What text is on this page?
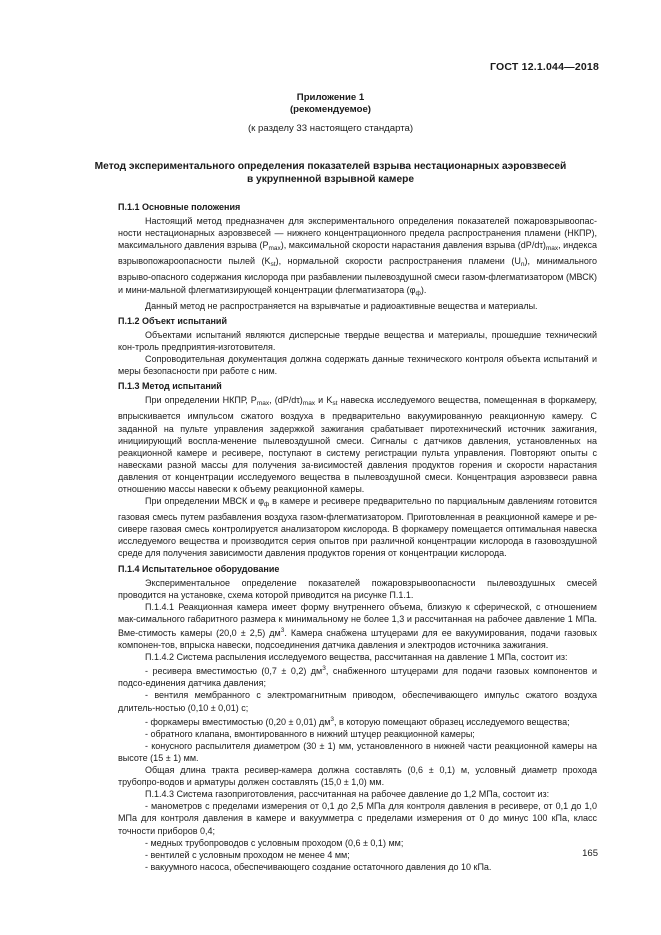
ГОСТ 12.1.044—2018
Приложение 1
(рекомендуемое)
(к разделу 33 настоящего стандарта)
Метод экспериментального определения показателей взрыва нестационарных аэровзвесей
в укрупненной взрывной камере
П.1.1 Основные положения

Настоящий метод предназначен для экспериментального определения показателей пожаровзрывоопас-ности нестационарных аэровзвесей — нижнего концентрационного предела распространения пламени (НКПР), максимального давления взрыва $(P_{max})$, максимальной скорости нарастания давления взрыва $(dP/d\tau)_{max}$, индекса взрывопожароопасности пылей $(K_{st})$, нормальной скорости распространения пламени $(U_n)$, минимального взрыво-опасного содержания кислорода при разбавлении пылевоздушной смеси газом-флегматизатором (МВСК) и мини-мальной флегматизирующей концентрации флегматизатора $(\varphi_ф)$.

Данный метод не распространяется на взрывчатые и радиоактивные вещества и материалы.

П.1.2 Объект испытаний

Объектами испытаний являются дисперсные твердые вещества и материалы, прошедшие технический кон-троль предприятия-изготовителя.

Сопроводительная документация должна содержать данные технического контроля объекта испытаний и меры безопасности при работе с ним.

П.1.3 Метод испытаний

При определении НКПР, $P_{max}$, $(dP/d\tau)_{max}$ и $K_{st}$ навеска исследуемого вещества, помещенная в форкамеру, впрыскивается импульсом сжатого воздуха в предварительно вакуумированную реакционную камеру. С заданной на пульте управления задержкой зажигания срабатывает пиротехнический источник зажигания, инициирующий воспла-менение пылевоздушной смеси. Сигналы с датчиков давления, установленных на реакционной камере и ресивере, поступают в систему регистрации пульта управления. Повторяют опыты с навесками разной массы для получения за-висимостей давления продуктов горения и скорости нарастания давления от концентрации исследуемого вещества в пылевоздушной смеси. Концентрация аэровзвеси равна отношению массы навески к объему реакционной камеры.

При определении МВСК и $\varphi_ф$ в камере и ресивере предварительно по парциальным давлениям готовится газовая смесь путем разбавления воздуха газом-флегматизатором. Приготовленная в реакционной камере и ре-сивере газовая смесь контролируется анализатором кислорода. В форкамеру помещается оптимальная навеска исследуемого вещества и производится серия опытов при различной концентрации кислорода в газовоздушной среде для получения зависимости давления продуктов горения от концентрации кислорода.

П.1.4 Испытательное оборудование

Экспериментальное определение показателей пожаровзрывоопасности пылевоздушных смесей проводится на установке, схема которой приводится на рисунке П.1.1.

П.1.4.1 Реакционная камера имеет форму внутреннего объема, близкую к сферической, с отношением мак-симального габаритного размера к минимальному не более 1,3 и рассчитанная на рабочее давление 1 МПа. Вме-стимость камеры (20,0 ± 2,5) $дм^3$. Камера снабжена штуцерами для ее вакуумирования, подачи газовых компонен-тов, впрыска навески, подсоединения датчика давления и электродов источника зажигания.

П.1.4.2 Система распыления исследуемого вещества, рассчитанная на давление 1 МПа, состоит из:

- ресивера вместимостью (0,7 ± 0,2) $дм^3$, снабженного штуцерами для подачи газовых компонентов и подсо-единения датчика давления;

- вентиля мембранного с электромагнитным приводом, обеспечивающего импульс сжатого воздуха длитель-ностью (0,10 ± 0,01) с;

- форкамеры вместимостью (0,20 ± 0,01) $дм^3$, в которую помещают образец исследуемого вещества;

- обратного клапана, вмонтированного в нижний штуцер реакционной камеры;

- конусного распылителя диаметром (30 ± 1) мм, установленного в нижней части реакционной камеры на высоте (15 ± 1) мм.

Общая длина тракта ресивер-камера должна составлять (0,6 ± 0,1) м, условный диаметр прохода трубопро-водов и арматуры должен составлять (15,0 ± 1,0) мм.

П.1.4.3 Система газоприготовления, рассчитанная на рабочее давление до 1,2 МПа, состоит из:

- манометров с пределами измерения от 0,1 до 2,5 МПа для контроля давления в ресивере, от 0,1 до 1,0 МПа для контроля давления в камере и вакуумметра с пределами измерения от 0 до минус 100 кПа, класс точности приборов 0,4;

- медных трубопроводов с условным проходом (0,6 ± 0,1) мм;

- вентилей с условным проходом не менее 4 мм;

- вакуумного насоса, обеспечивающего создание остаточного давления до 10 кПа.

165
